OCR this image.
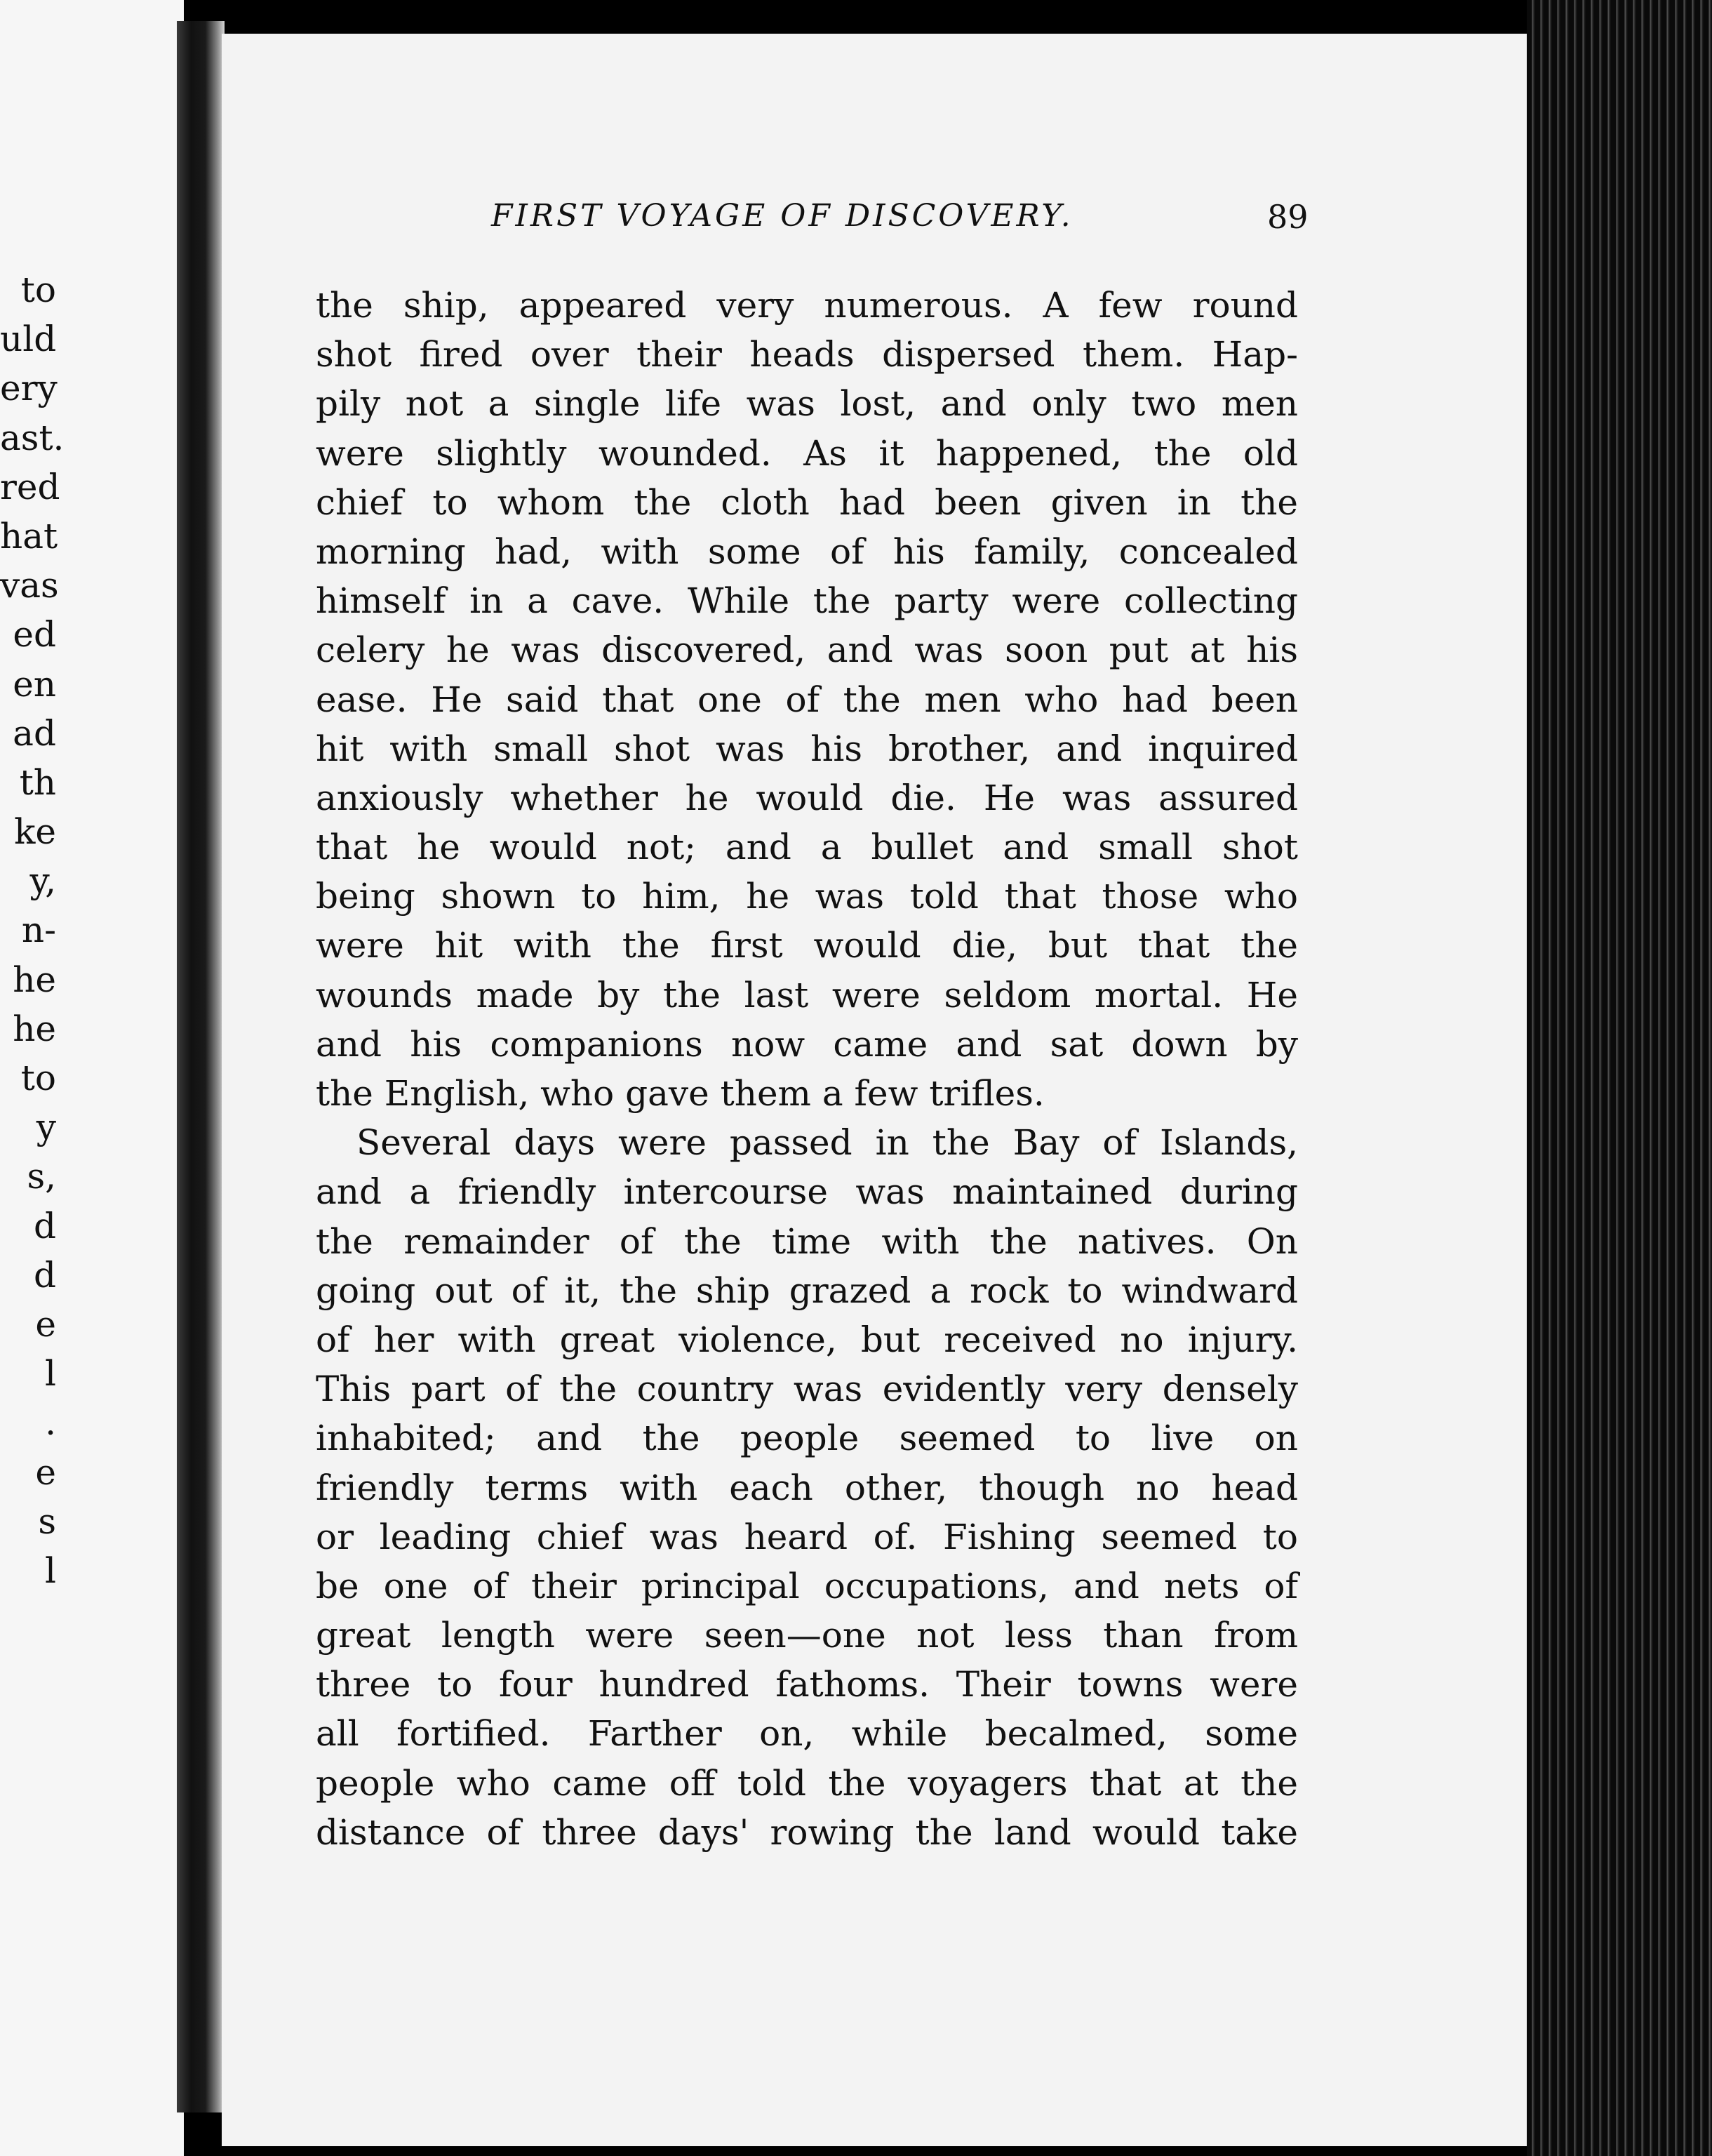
to
uld
ery
ast.
red
hat
vas
ed
en
ad
th
ke
y,
n-
he
he
to
y
s,
d
d
e
l
.
e
s
l
FIRST VOYAGE OF DISCOVERY.	89
the ship, appeared very numerous. A few round
shot fired over their heads dispersed them. Hap-
pily not a single life was lost, and only two men
were slightly wounded. As it happened, the old
chief to whom the cloth had been given in the
morning had, with some of his family, concealed
himself in a cave. While the party were collecting
celery he was discovered, and was soon put at his
ease. He said that one of the men who had been
hit with small shot was his brother, and inquired
anxiously whether he would die. He was assured
that he would not; and a bullet and small shot
being shown to him, he was told that those who
were hit with the first would die, but that the
wounds made by the last were seldom mortal. He
and his companions now came and sat down by
the English, who gave them a few trifles.
Several days were passed in the Bay of Islands,
and a friendly intercourse was maintained during
the remainder of the time with the natives. On
going out of it, the ship grazed a rock to windward
of her with great violence, but received no injury.
This part of the country was evidently very densely
inhabited; and the people seemed to live on
friendly terms with each other, though no head
or leading chief was heard of. Fishing seemed to
be one of their principal occupations, and nets of
great length were seen—one not less than from
three to four hundred fathoms. Their towns were
all fortified. Farther on, while becalmed, some
people who came off told the voyagers that at the
distance of three days' rowing the land would take
